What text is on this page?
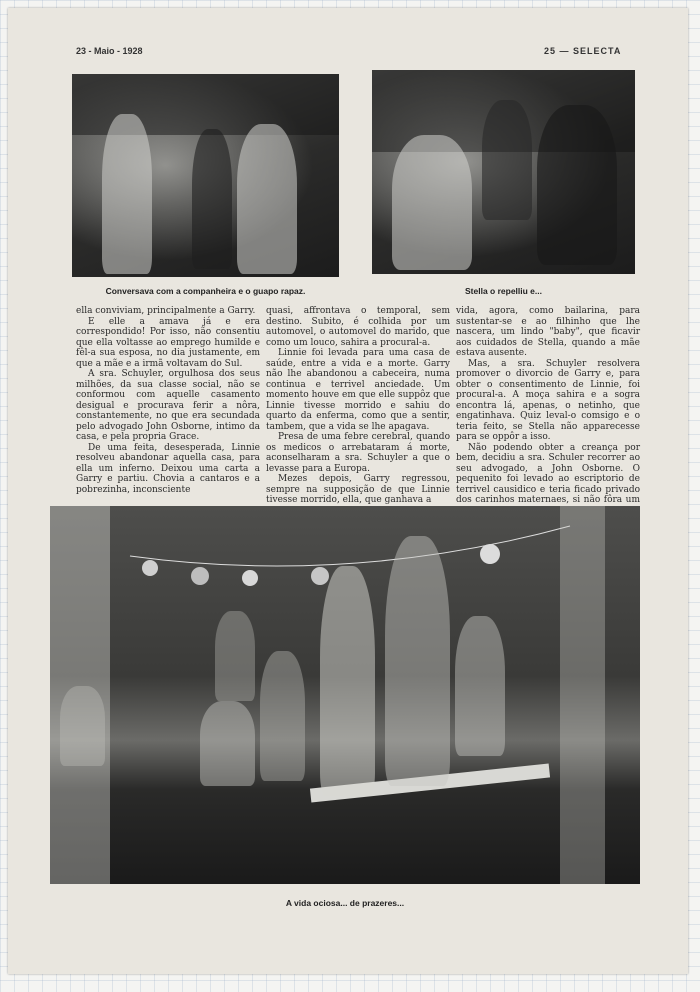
23 - Maio - 1928	25 — SELECTA
Conversava com a companheira e o guapo rapaz.	Stella o repelliu e...

ella conviviam, principalmente a Garry.

E elle a amava já e era correspondido! Por isso, não consentiu que ella voltasse ao emprego humilde e fêl-a sua esposa, no dia justamente, em que a mãe e a irmã voltavam do Sul.

A sra. Schuyler, orgulhosa dos seus milhões, da sua classe social, não se conformou com aquelle casamento desigual e procurava ferir a nôra, constantemente, no que era secundada pelo advogado John Osborne, intimo da casa, e pela propria Grace.

De uma feita, desesperada, Linnie resolveu abandonar aquella casa, para ella um inferno. Deixou uma carta a Garry e partiu. Chovia a cantaros e a pobrezinha, inconsciente

quasi, affrontava o temporal, sem destino. Subito, é colhida por um automovel, o automovel do marido, que como um louco, sahira a procural-a.

Linnie foi levada para uma casa de saúde, entre a vida e a morte. Garry não lhe abandonou a cabeceira, numa continua e terrivel anciedade. Um momento houve em que elle suppôz que Linnie tivesse morrido e sahiu do quarto da enferma, como que a sentir, tambem, que a vida se lhe apagava.

Presa de uma febre cerebral, quando os medicos o arrebataram á morte, aconselharam a sra. Schuyler a que o levasse para a Europa.

Mezes depois, Garry regressou, sempre na supposição de que Linnie tivesse morrido, ella, que ganhava a

vida, agora, como bailarina, para sustentar-se e ao filhinho que lhe nascera, um lindo "baby", que ficavir aos cuidados de Stella, quando a mãe estava ausente.

Mas, a sra. Schuyler resolvera promover o divorcio de Garry e, para obter o consentimento de Linnie, foi procural-a. A moça sahira e a sogra encontra lá, apenas, o netinho, que engatinhava. Quiz leval-o comsigo e o teria feito, se Stella não apparecesse para se oppôr a isso.

Não podendo obter a creança por bem, decidiu a sra. Schuler recorrer ao seu advogado, a John Osborne. O pequenito foi levado ao escriptorio de terrivel causidico e teria ficado privado dos carinhos maternaes, si não fôra um

A vida ociosa... de prazeres...
